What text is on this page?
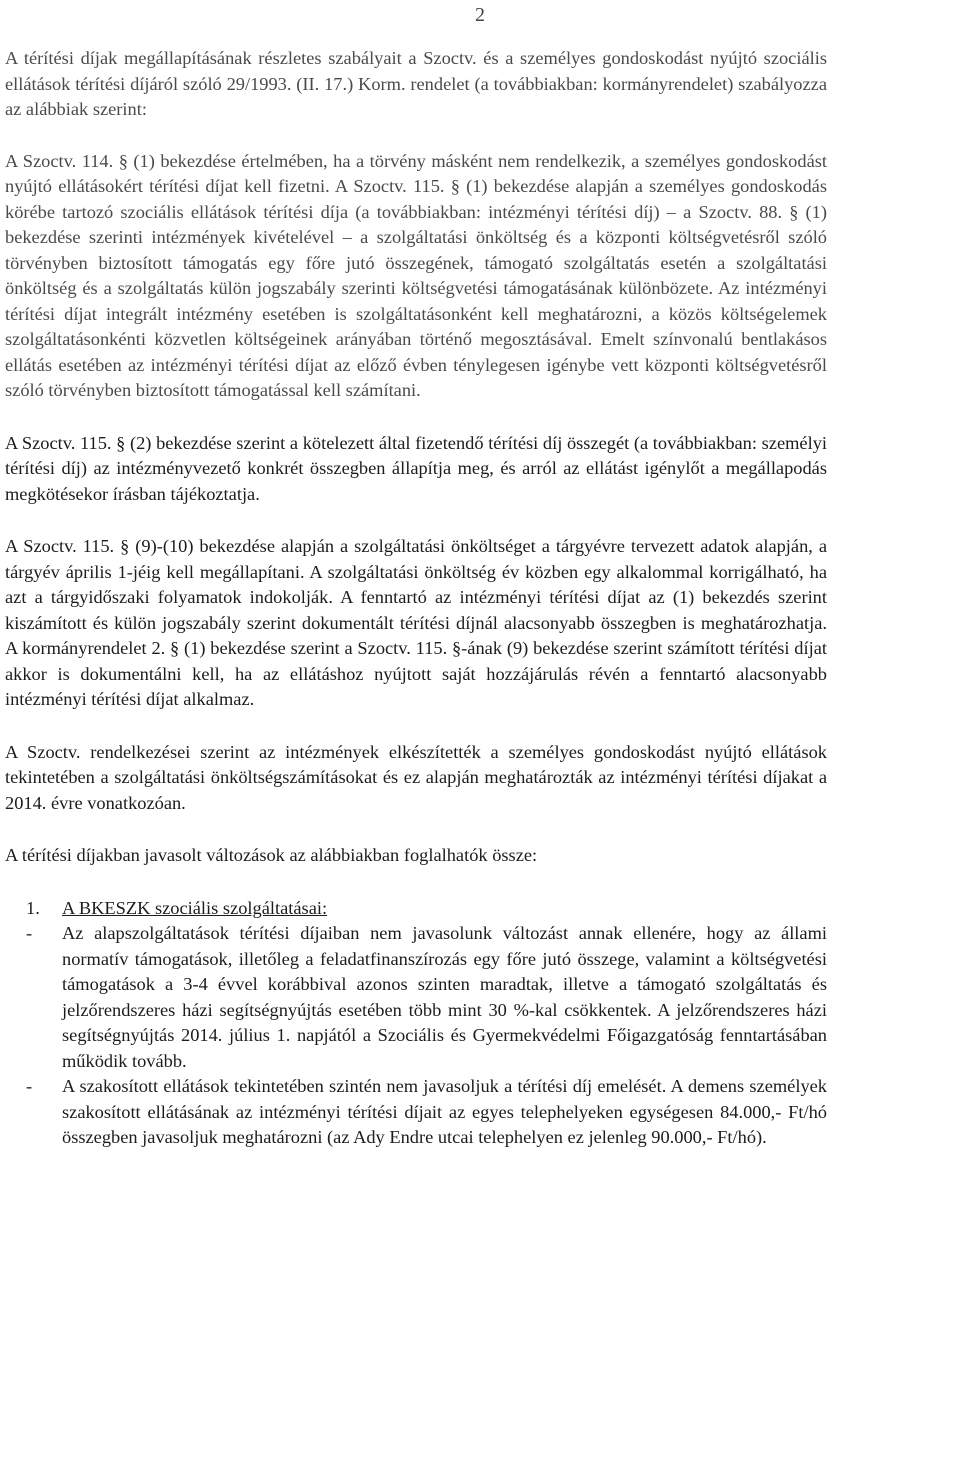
2

A térítési díjak megállapításának részletes szabályait a Szoctv. és a személyes gondoskodást nyújtó szociális ellátások térítési díjáról szóló 29/1993. (II. 17.) Korm. rendelet (a továbbiakban: kormányrendelet) szabályozza az alábbiak szerint:

A Szoctv. 114. § (1) bekezdése értelmében, ha a törvény másként nem rendelkezik, a személyes gondoskodást nyújtó ellátásokért térítési díjat kell fizetni. A Szoctv. 115. § (1) bekezdése alapján a személyes gondoskodás körébe tartozó szociális ellátások térítési díja (a továbbiakban: intézményi térítési díj) – a Szoctv. 88. § (1) bekezdése szerinti intézmények kivételével – a szolgáltatási önköltség és a központi költségvetésről szóló törvényben biztosított támogatás egy főre jutó összegének, támogató szolgáltatás esetén a szolgáltatási önköltség és a szolgáltatás külön jogszabály szerinti költségvetési támogatásának különbözete. Az intézményi térítési díjat integrált intézmény esetében is szolgáltatásonként kell meghatározni, a közös költségelemek szolgáltatásonkénti közvetlen költségeinek arányában történő megosztásával. Emelt színvonalú bentlakásos ellátás esetében az intézményi térítési díjat az előző évben ténylegesen igénybe vett központi költségvetésről szóló törvényben biztosított támogatással kell számítani.

A Szoctv. 115. § (2) bekezdése szerint a kötelezett által fizetendő térítési díj összegét (a továbbiakban: személyi térítési díj) az intézményvezető konkrét összegben állapítja meg, és arról az ellátást igénylőt a megállapodás megkötésekor írásban tájékoztatja.

A Szoctv. 115. § (9)-(10) bekezdése alapján a szolgáltatási önköltséget a tárgyévre tervezett adatok alapján, a tárgyév április 1-jéig kell megállapítani. A szolgáltatási önköltség év közben egy alkalommal korrigálható, ha azt a tárgyidőszaki folyamatok indokolják. A fenntartó az intézményi térítési díjat az (1) bekezdés szerint kiszámított és külön jogszabály szerint dokumentált térítési díjnál alacsonyabb összegben is meghatározhatja. A kormányrendelet 2. § (1) bekezdése szerint a Szoctv. 115. §-ának (9) bekezdése szerint számított térítési díjat akkor is dokumentálni kell, ha az ellátáshoz nyújtott saját hozzájárulás révén a fenntartó alacsonyabb intézményi térítési díjat alkalmaz.

A Szoctv. rendelkezései szerint az intézmények elkészítették a személyes gondoskodást nyújtó ellátások tekintetében a szolgáltatási önköltségszámításokat és ez alapján meghatározták az intézményi térítési díjakat a 2014. évre vonatkozóan.

A térítési díjakban javasolt változások az alábbiakban foglalhatók össze:

1.	A BKESZK szociális szolgáltatásai:
-	Az alapszolgáltatások térítési díjaiban nem javasolunk változást annak ellenére, hogy az állami normatív támogatások, illetőleg a feladatfinanszírozás egy főre jutó összege, valamint a költségvetési támogatások a 3-4 évvel korábbival azonos szinten maradtak, illetve a támogató szolgáltatás és jelzőrendszeres házi segítségnyújtás esetében több mint 30 %-kal csökkentek. A jelzőrendszeres házi segítségnyújtás 2014. július 1. napjától a Szociális és Gyermekvédelmi Főigazgatóság fenntartásában működik tovább.
-	A szakosított ellátások tekintetében szintén nem javasoljuk a térítési díj emelését. A demens személyek szakosított ellátásának az intézményi térítési díjait az egyes telephelyeken egységesen 84.000,- Ft/hó összegben javasoljuk meghatározni (az Ady Endre utcai telephelyen ez jelenleg 90.000,- Ft/hó).
